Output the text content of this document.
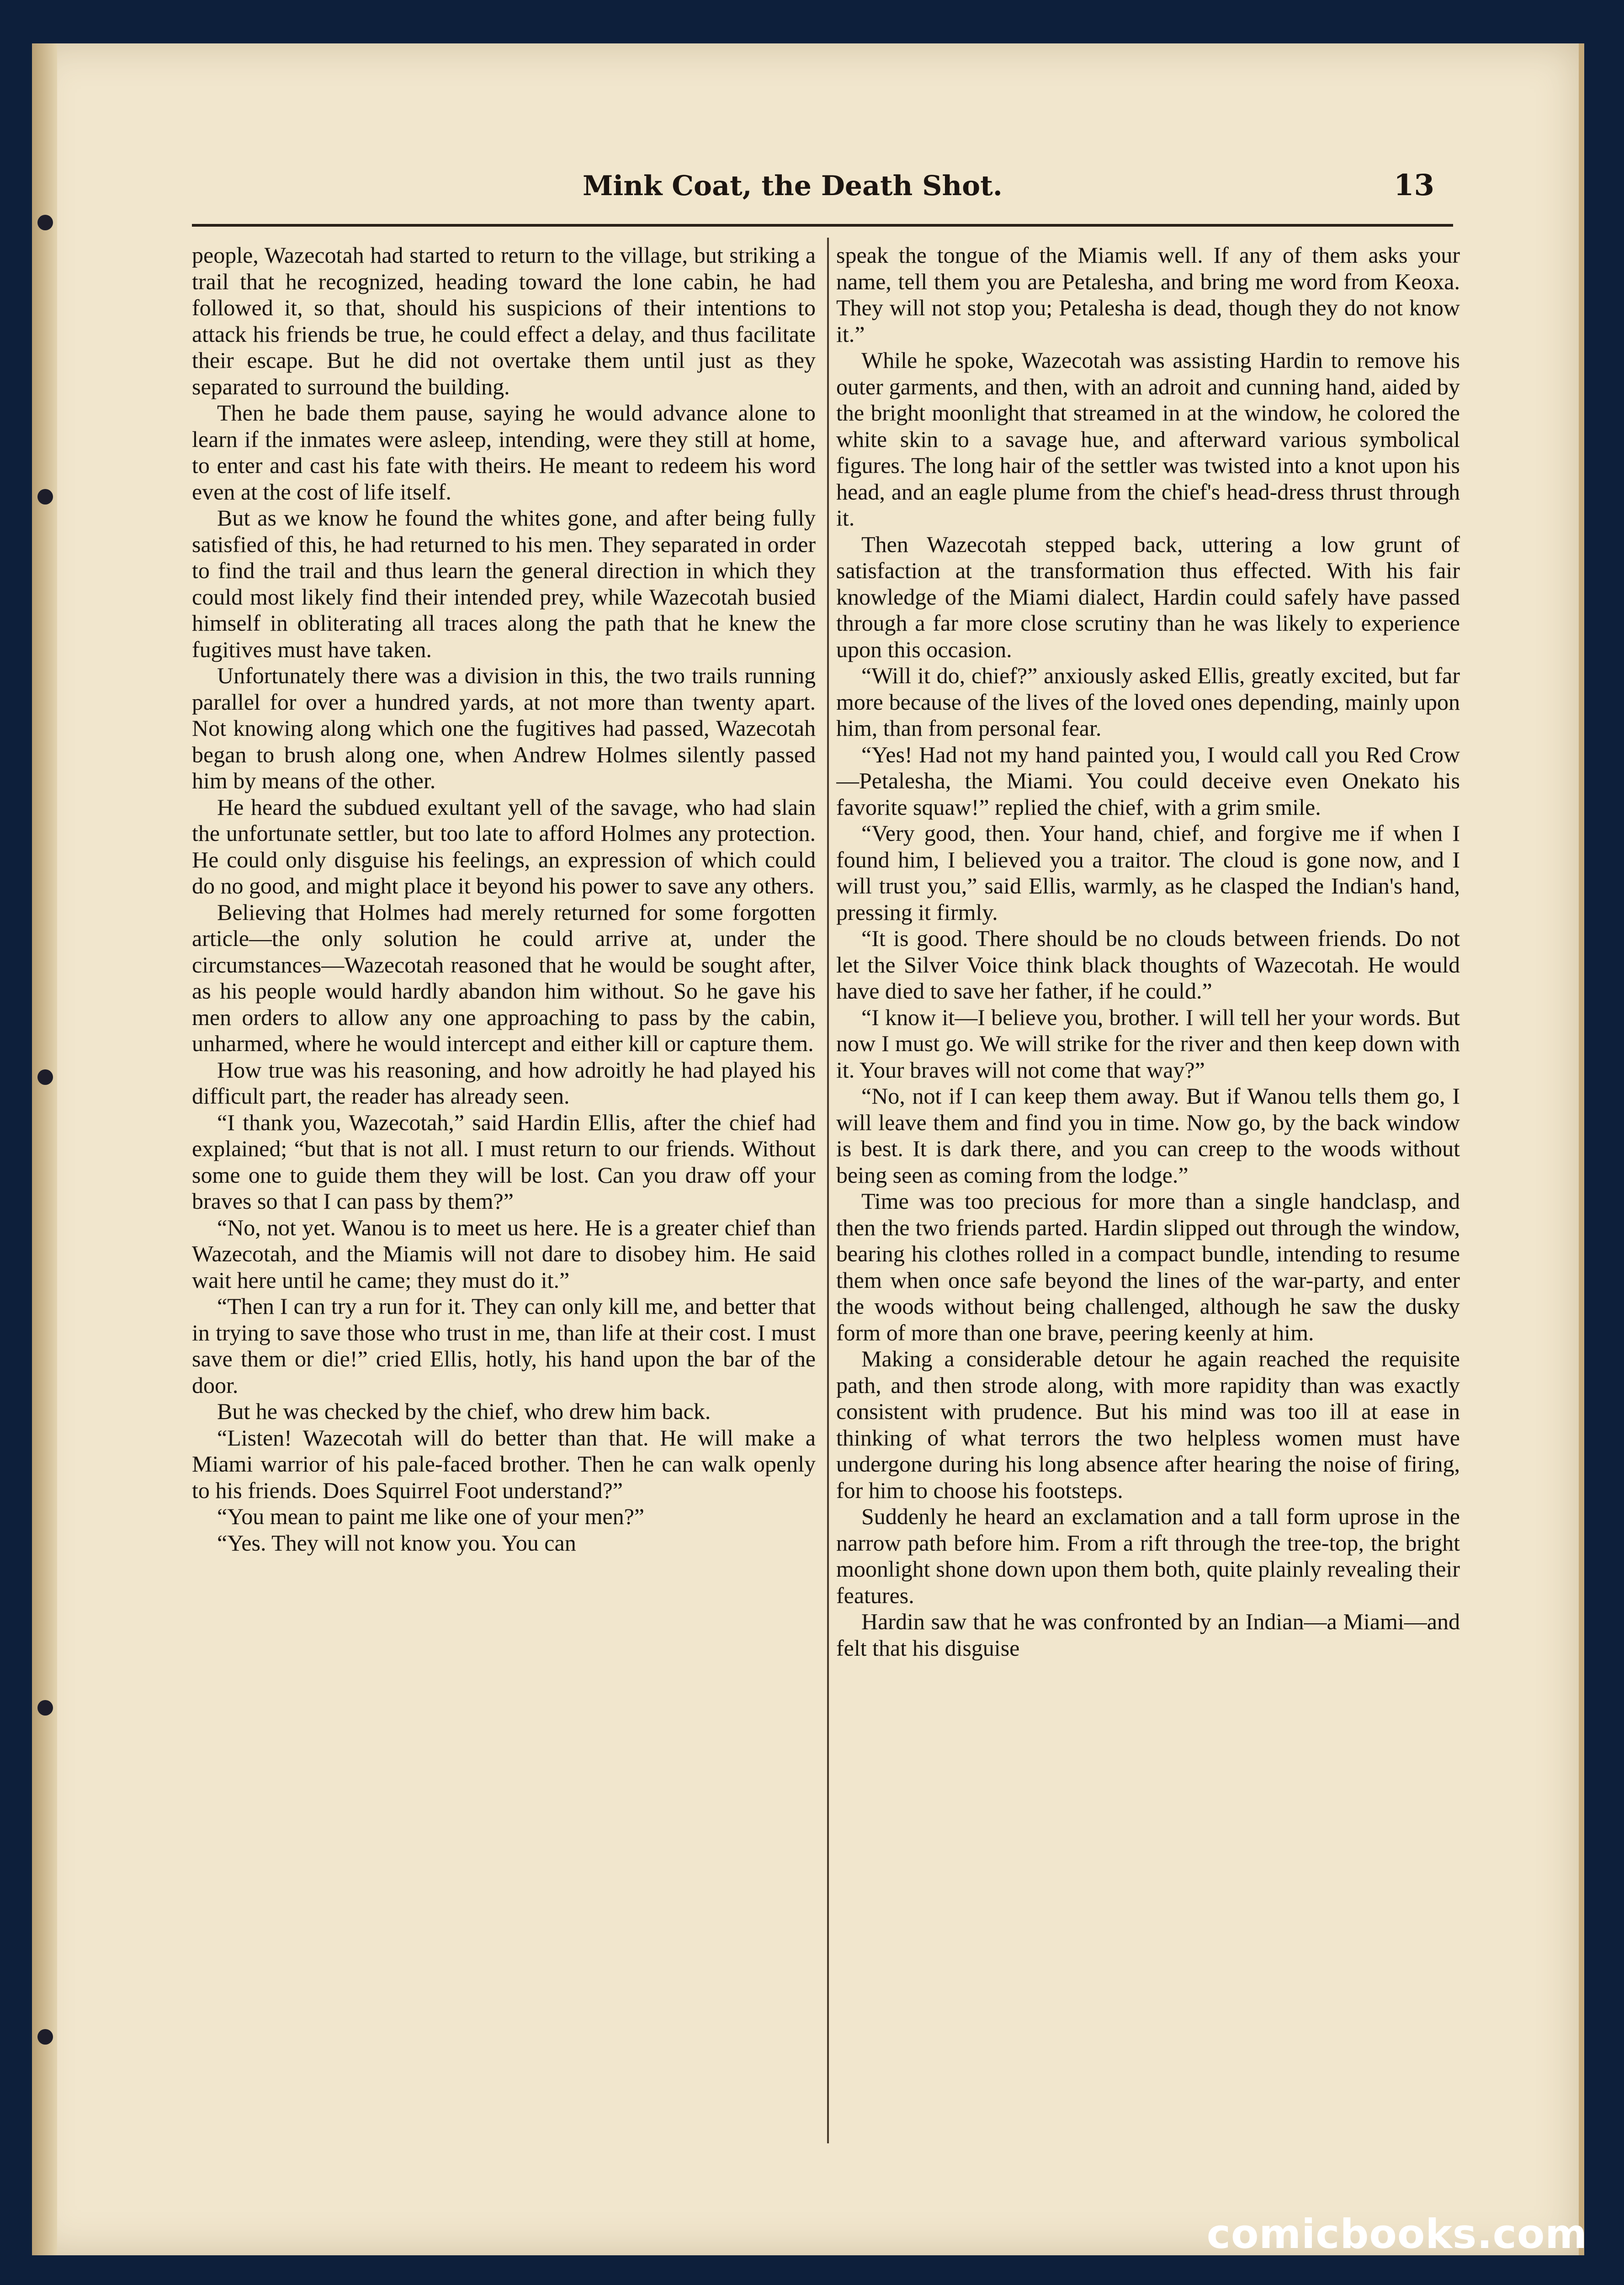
Mink Coat, the Death Shot.	13

people, Wazecotah had started to return to the village, but striking a trail that he recognized, heading toward the lone cabin, he had followed it, so that, should his suspicions of their intentions to attack his friends be true, he could effect a delay, and thus facilitate their escape. But he did not overtake them until just as they separated to surround the building.

Then he bade them pause, saying he would advance alone to learn if the inmates were asleep, intending, were they still at home, to enter and cast his fate with theirs. He meant to redeem his word even at the cost of life itself.

But as we know he found the whites gone, and after being fully satisfied of this, he had returned to his men. They separated in order to find the trail and thus learn the general direction in which they could most likely find their intended prey, while Wazecotah busied himself in obliterating all traces along the path that he knew the fugitives must have taken.

Unfortunately there was a division in this, the two trails running parallel for over a hundred yards, at not more than twenty apart. Not knowing along which one the fugitives had passed, Wazecotah began to brush along one, when Andrew Holmes silently passed him by means of the other.

He heard the subdued exultant yell of the savage, who had slain the unfortunate settler, but too late to afford Holmes any protection. He could only disguise his feelings, an expression of which could do no good, and might place it beyond his power to save any others.

Believing that Holmes had merely returned for some forgotten article—the only solution he could arrive at, under the circumstances—Wazecotah reasoned that he would be sought after, as his people would hardly abandon him without. So he gave his men orders to allow any one approaching to pass by the cabin, unharmed, where he would intercept and either kill or capture them.

How true was his reasoning, and how adroitly he had played his difficult part, the reader has already seen.

“I thank you, Wazecotah,” said Hardin Ellis, after the chief had explained; “but that is not all. I must return to our friends. Without some one to guide them they will be lost. Can you draw off your braves so that I can pass by them?”

“No, not yet. Wanou is to meet us here. He is a greater chief than Wazecotah, and the Miamis will not dare to disobey him. He said wait here until he came; they must do it.”

“Then I can try a run for it. They can only kill me, and better that in trying to save those who trust in me, than life at their cost. I must save them or die!” cried Ellis, hotly, his hand upon the bar of the door.

But he was checked by the chief, who drew him back.

“Listen! Wazecotah will do better than that. He will make a Miami warrior of his pale-faced brother. Then he can walk openly to his friends. Does Squirrel Foot understand?”

“You mean to paint me like one of your men?”

“Yes. They will not know you. You can

speak the tongue of the Miamis well. If any of them asks your name, tell them you are Petalesha, and bring me word from Keoxa. They will not stop you; Petalesha is dead, though they do not know it.”

While he spoke, Wazecotah was assisting Hardin to remove his outer garments, and then, with an adroit and cunning hand, aided by the bright moonlight that streamed in at the window, he colored the white skin to a savage hue, and afterward various symbolical figures. The long hair of the settler was twisted into a knot upon his head, and an eagle plume from the chief's head-dress thrust through it.

Then Wazecotah stepped back, uttering a low grunt of satisfaction at the transformation thus effected. With his fair knowledge of the Miami dialect, Hardin could safely have passed through a far more close scrutiny than he was likely to experience upon this occasion.

“Will it do, chief?” anxiously asked Ellis, greatly excited, but far more because of the lives of the loved ones depending, mainly upon him, than from personal fear.

“Yes! Had not my hand painted you, I would call you Red Crow—Petalesha, the Miami. You could deceive even Onekato his favorite squaw!” replied the chief, with a grim smile.

“Very good, then. Your hand, chief, and forgive me if when I found him, I believed you a traitor. The cloud is gone now, and I will trust you,” said Ellis, warmly, as he clasped the Indian's hand, pressing it firmly.

“It is good. There should be no clouds between friends. Do not let the Silver Voice think black thoughts of Wazecotah. He would have died to save her father, if he could.”

“I know it—I believe you, brother. I will tell her your words. But now I must go. We will strike for the river and then keep down with it. Your braves will not come that way?”

“No, not if I can keep them away. But if Wanou tells them go, I will leave them and find you in time. Now go, by the back window is best. It is dark there, and you can creep to the woods without being seen as coming from the lodge.”

Time was too precious for more than a single handclasp, and then the two friends parted. Hardin slipped out through the window, bearing his clothes rolled in a compact bundle, intending to resume them when once safe beyond the lines of the war-party, and enter the woods without being challenged, although he saw the dusky form of more than one brave, peering keenly at him.

Making a considerable detour he again reached the requisite path, and then strode along, with more rapidity than was exactly consistent with prudence. But his mind was too ill at ease in thinking of what terrors the two helpless women must have undergone during his long absence after hearing the noise of firing, for him to choose his footsteps.

Suddenly he heard an exclamation and a tall form uprose in the narrow path before him. From a rift through the tree-top, the bright moonlight shone down upon them both, quite plainly revealing their features.

Hardin saw that he was confronted by an Indian—a Miami—and felt that his disguise

comicbooks.com
